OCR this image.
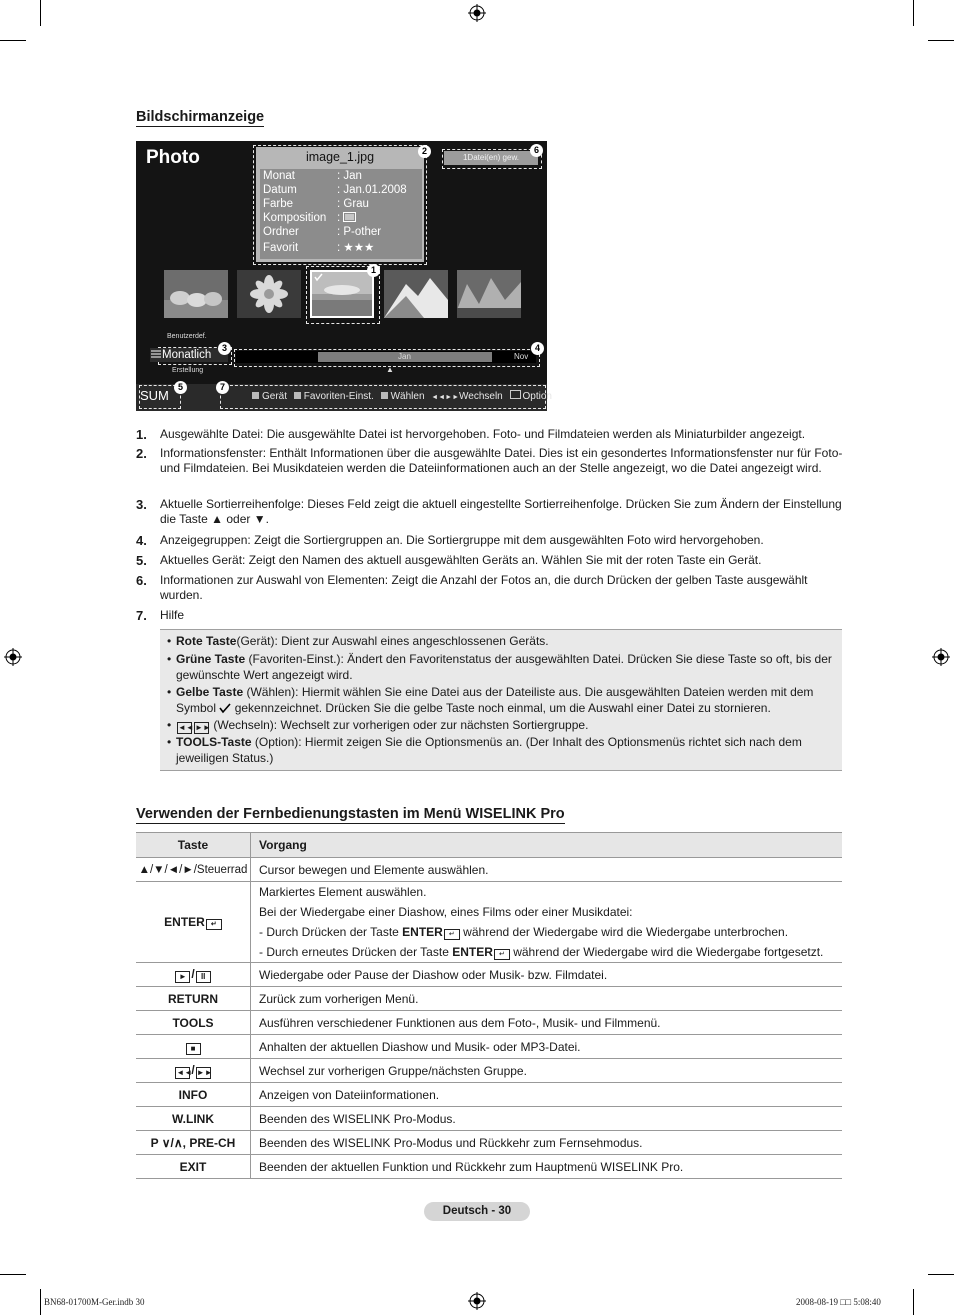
Bildschirmanzeige
Photo	image_1.jpg
Monat	: Jan
Datum	: Jan.01.2008
Farbe	: Grau
Komposition :
Ordner	: P-other
Favorit	: ★★★
1Datei(en) gew.
Benutzerdef.
Monatlich
Erstellung
Jan	Nov
▲
SUM	Gerät Favoriten-Einst. Wählen ◄◄►►Wechseln Option
2	6
1
3	4
5	7
1. Ausgewählte Datei: Die ausgewählte Datei ist hervorgehoben. Foto- und Filmdateien werden als Miniaturbilder angezeigt.
2. Informationsfenster: Enthält Informationen über die ausgewählte Datei. Dies ist ein gesondertes Informationsfenster nur für Foto- und Filmdateien. Bei Musikdateien werden die Dateiinformationen auch an der Stelle angezeigt, wo die Datei angezeigt wird.
3. Aktuelle Sortierreihenfolge: Dieses Feld zeigt die aktuell eingestellte Sortierreihenfolge. Drücken Sie zum Ändern der Einstellung die Taste ▲ oder ▼.
4. Anzeigegruppen: Zeigt die Sortiergruppen an. Die Sortiergruppe mit dem ausgewählten Foto wird hervorgehoben.
5. Aktuelles Gerät: Zeigt den Namen des aktuell ausgewählten Geräts an. Wählen Sie mit der roten Taste ein Gerät.
6. Informationen zur Auswahl von Elementen: Zeigt die Anzahl der Fotos an, die durch Drücken der gelben Taste ausgewählt wurden.
7. Hilfe
• Rote Taste(Gerät): Dient zur Auswahl eines angeschlossenen Geräts.
• Grüne Taste (Favoriten-Einst.): Ändert den Favoritenstatus der ausgewählten Datei. Drücken Sie diese Taste so oft, bis der gewünschte Wert angezeigt wird.
• Gelbe Taste (Wählen): Hiermit wählen Sie eine Datei aus der Dateiliste aus. Die ausgewählten Dateien werden mit dem Symbol  gekennzeichnet. Drücken Sie die gelbe Taste noch einmal, um die Auswahl einer Datei zu stornieren.
• ◄◄►► (Wechseln): Wechselt zur vorherigen oder zur nächsten Sortiergruppe.
• TOOLS-Taste (Option): Hiermit zeigen Sie die Optionsmenüs an. (Der Inhalt des Optionsmenüs richtet sich nach dem jeweiligen Status.)
Verwenden der Fernbedienungstasten im Menü WISELINK Pro
Taste	Vorgang
▲/▼/◄/►/Steuerrad	Cursor bewegen und Elemente auswählen.
ENTER ↵	Markiertes Element auswählen.
Bei der Wiedergabe einer Diashow, eines Films oder einer Musikdatei:
- Durch Drücken der Taste ENTER ↵ während der Wiedergabe wird die Wiedergabe unterbrochen.
- Durch erneutes Drücken der Taste ENTER ↵ während der Wiedergabe wird die Wiedergabe fortgesetzt.

► / II	Wiedergabe oder Pause der Diashow oder Musik- bzw. Filmdatei.
RETURN	Zurück zum vorherigen Menü.
TOOLS	Ausführen verschiedener Funktionen aus dem Foto-, Musik- und Filmmenü.
■	Anhalten der aktuellen Diashow und Musik- oder MP3-Datei.
◄◄/ ►►	Wechsel zur vorherigen Gruppe/nächsten Gruppe.
INFO	Anzeigen von Dateiinformationen.
W.LINK	Beenden des WISELINK Pro-Modus.
P ∨/∧, PRE-CH	Beenden des WISELINK Pro-Modus und Rückkehr zum Fernsehmodus.
EXIT	Beenden der aktuellen Funktion und Rückkehr zum Hauptmenü WISELINK Pro.
Deutsch - 30
BN68-01700M-Ger.indb 30	2008-08-19 □□ 5:08:40
